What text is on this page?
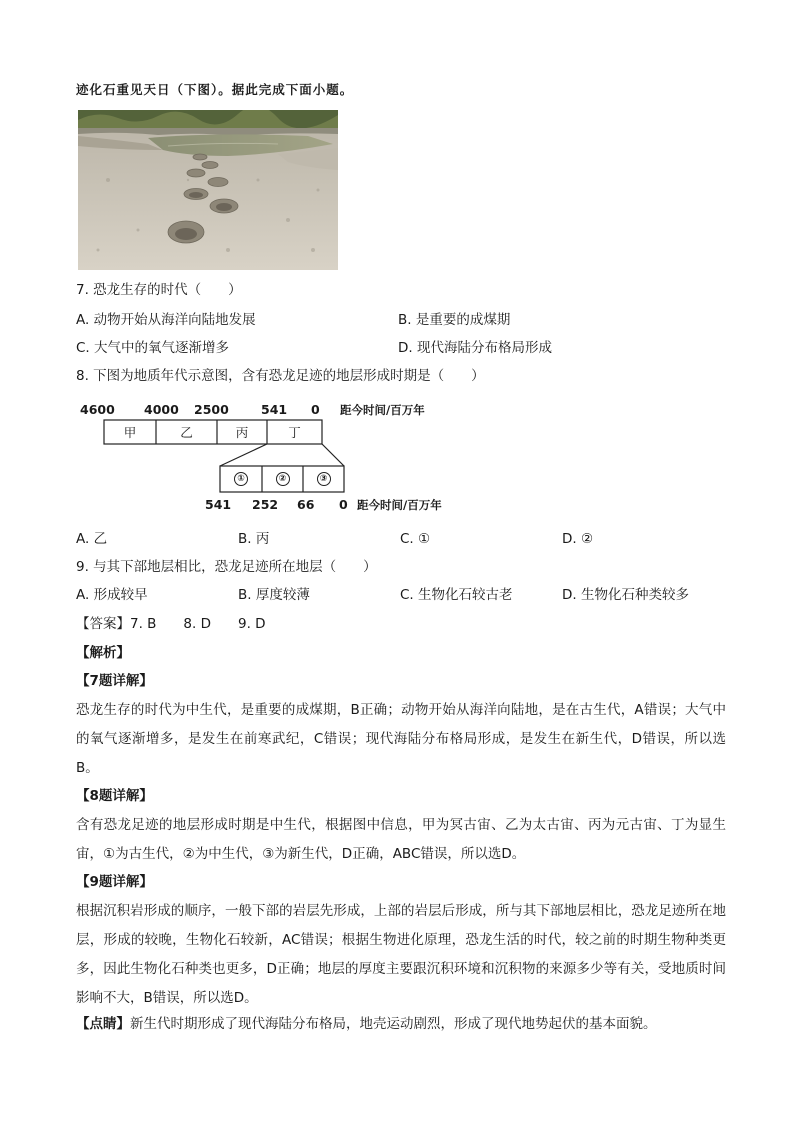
迹化石重见天日（下图）。据此完成下面小题。
7. 恐龙生存的时代（　　）
A. 动物开始从海洋向陆地发展	B. 是重要的成煤期
C. 大气中的氧气逐渐增多	D. 现代海陆分布格局形成
8. 下图为地质年代示意图，含有恐龙足迹的地层形成时期是（　　）
4600 4000 2500	541 0 距今时间/百万年
甲	乙	丙	丁
①	②	③
541 252 66 0 距今时间/百万年
A. 乙	B. 丙	C. ①	D. ②
9. 与其下部地层相比，恐龙足迹所在地层（　　）
A. 形成较早	B. 厚度较薄	C. 生物化石较古老	D. 生物化石种类较多
【答案】7. B　　8. D　　9. D
【解析】
【7题详解】
恐龙生存的时代为中生代，是重要的成煤期，B正确；动物开始从海洋向陆地，是在古生代，A错误；大气中的氧气逐渐增多，是发生在前寒武纪，C错误；现代海陆分布格局形成，是发生在新生代，D错误，所以选B。
【8题详解】
含有恐龙足迹的地层形成时期是中生代，根据图中信息，甲为冥古宙、乙为太古宙、丙为元古宙、丁为显生宙，①为古生代，②为中生代，③为新生代，D正确，ABC错误，所以选D。
【9题详解】
根据沉积岩形成的顺序，一般下部的岩层先形成，上部的岩层后形成，所与其下部地层相比，恐龙足迹所在地层，形成的较晚，生物化石较新，AC错误；根据生物进化原理，恐龙生活的时代，较之前的时期生物种类更多，因此生物化石种类也更多，D正确；地层的厚度主要跟沉积环境和沉积物的来源多少等有关，受地质时间影响不大，B错误，所以选D。
【点睛】新生代时期形成了现代海陆分布格局，地壳运动剧烈，形成了现代地势起伏的基本面貌。
